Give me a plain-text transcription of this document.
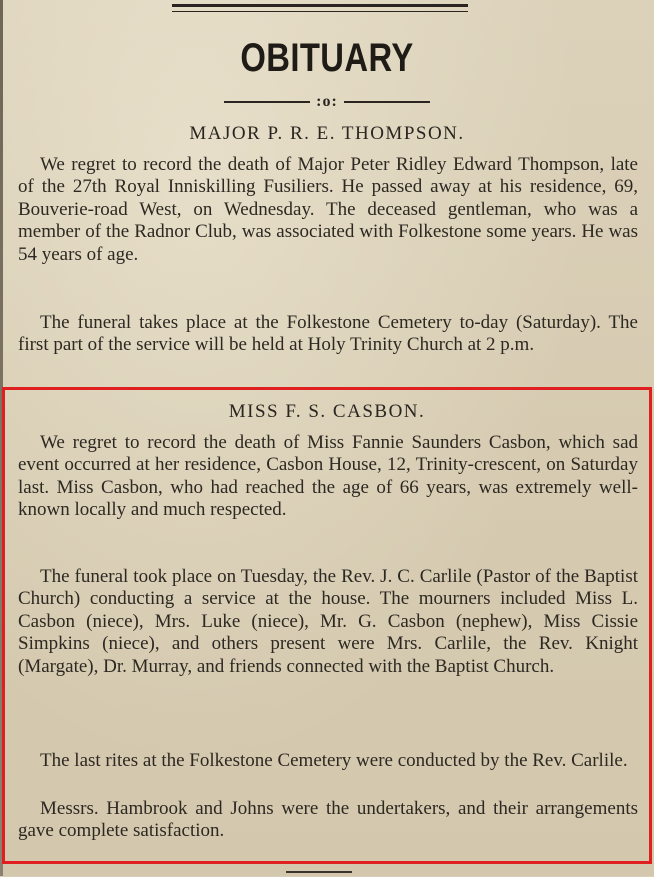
OBITUARY
:o:
MAJOR P. R. E. THOMPSON.

We regret to record the death of Major Peter Ridley Edward Thompson, late of the 27th Royal Inniskilling Fusiliers. He passed away at his residence, 69, Bouverie-road West, on Wednesday. The deceased gentleman, who was a member of the Radnor Club, was associated with Folkestone some years. He was 54 years of age.

The funeral takes place at the Folkestone Cemetery to-day (Saturday). The first part of the service will be held at Holy Trinity Church at 2 p.m.

MISS F. S. CASBON.

We regret to record the death of Miss Fannie Saunders Casbon, which sad event occurred at her residence, Casbon House, 12, Trinity-crescent, on Saturday last. Miss Casbon, who had reached the age of 66 years, was extremely well-known locally and much respected.

The funeral took place on Tuesday, the Rev. J. C. Carlile (Pastor of the Baptist Church) conducting a service at the house. The mourners included Miss L. Casbon (niece), Mrs. Luke (niece), Mr. G. Casbon (nephew), Miss Cissie Simpkins (niece), and others present were Mrs. Carlile, the Rev. Knight (Margate), Dr. Murray, and friends connected with the Baptist Church.

The last rites at the Folkestone Cemetery were conducted by the Rev. Carlile.

Messrs. Hambrook and Johns were the undertakers, and their arrangements gave complete satisfaction.
